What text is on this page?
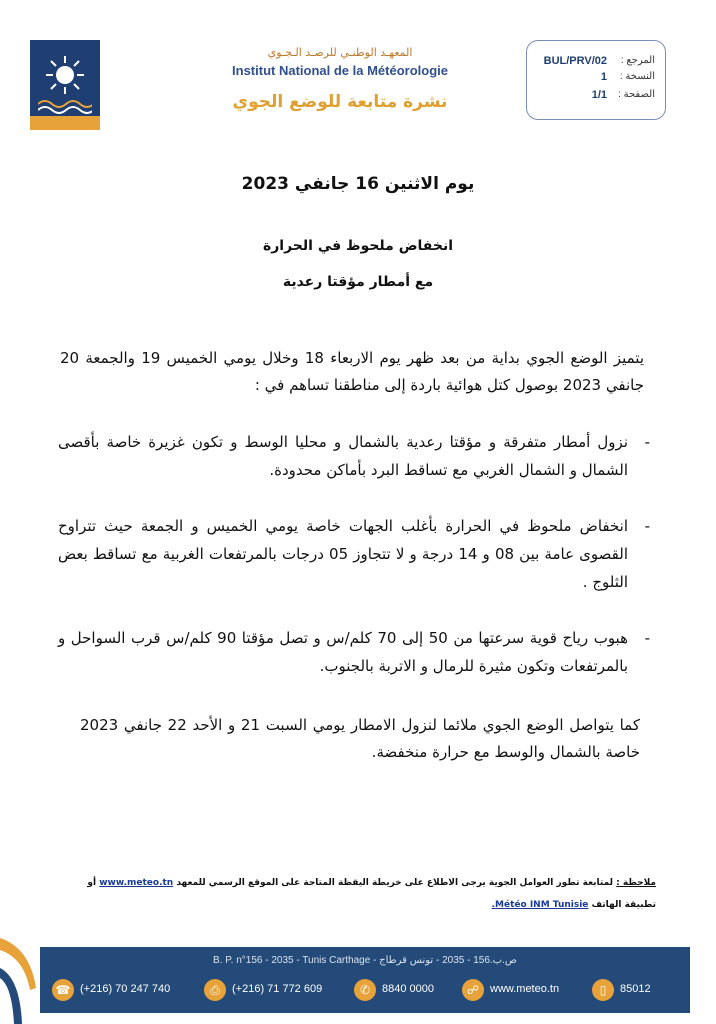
المعهـد الوطنـي للرصـد الـجـوي
Institut National de la Météorologie
نشرة متابعة للوضع الجوي
المرجع :
BUL/PRV/02
النسخة :
1
الصفحة :
1/1
يوم الاثنين 16 جانفي 2023
انخفاض ملحوظ في الحرارة
مع أمطار مؤقتا رعدية
يتميز الوضع الجوي بداية من بعد ظهر يوم الاربعاء 18 وخلال يومي الخميس 19 والجمعة 20 جانفي 2023 بوصول كتل هوائية باردة إلى مناطقنا تساهم في :
-
نزول أمطار متفرقة و مؤقتا رعدية بالشمال و محليا الوسط و تكون غزيرة خاصة بأقصى الشمال و الشمال الغربي مع تساقط البرد بأماكن محدودة.
-
انخفاض ملحوظ في الحرارة بأغلب الجهات خاصة يومي الخميس و الجمعة حيث تتراوح القصوى عامة بين 08 و 14 درجة و لا تتجاوز 05 درجات بالمرتفعات الغربية مع تساقط بعض الثلوج .
-
هبوب رياح قوية سرعتها من 50 إلى 70 كلم/س و تصل مؤقتا 90 كلم/س قرب السواحل و بالمرتفعات وتكون مثيرة للرمال و الاتربة بالجنوب.
كما يتواصل الوضع الجوي ملائما لنزول الامطار يومي السبت 21 و الأحد 22 جانفي 2023 خاصة بالشمال والوسط مع حرارة منخفضة.
ملاحظة : لمتابعة تطور العوامل الجوية يرجى الاطلاع على خريطة اليقظة المتاحة على الموقع الرسمي للمعهد www.meteo.tn أو
تطبيقة الهاتف Météo INM Tunisie.
B. P. n°156 - 2035 - Tunis Carthage - ص.ب.156 - 2035 - تونس قرطاج
☎ (+216) 70 247 740	⎙	(+216) 71 772 609	✆	8840 0000	☍ www.meteo.tn	▯	85012
